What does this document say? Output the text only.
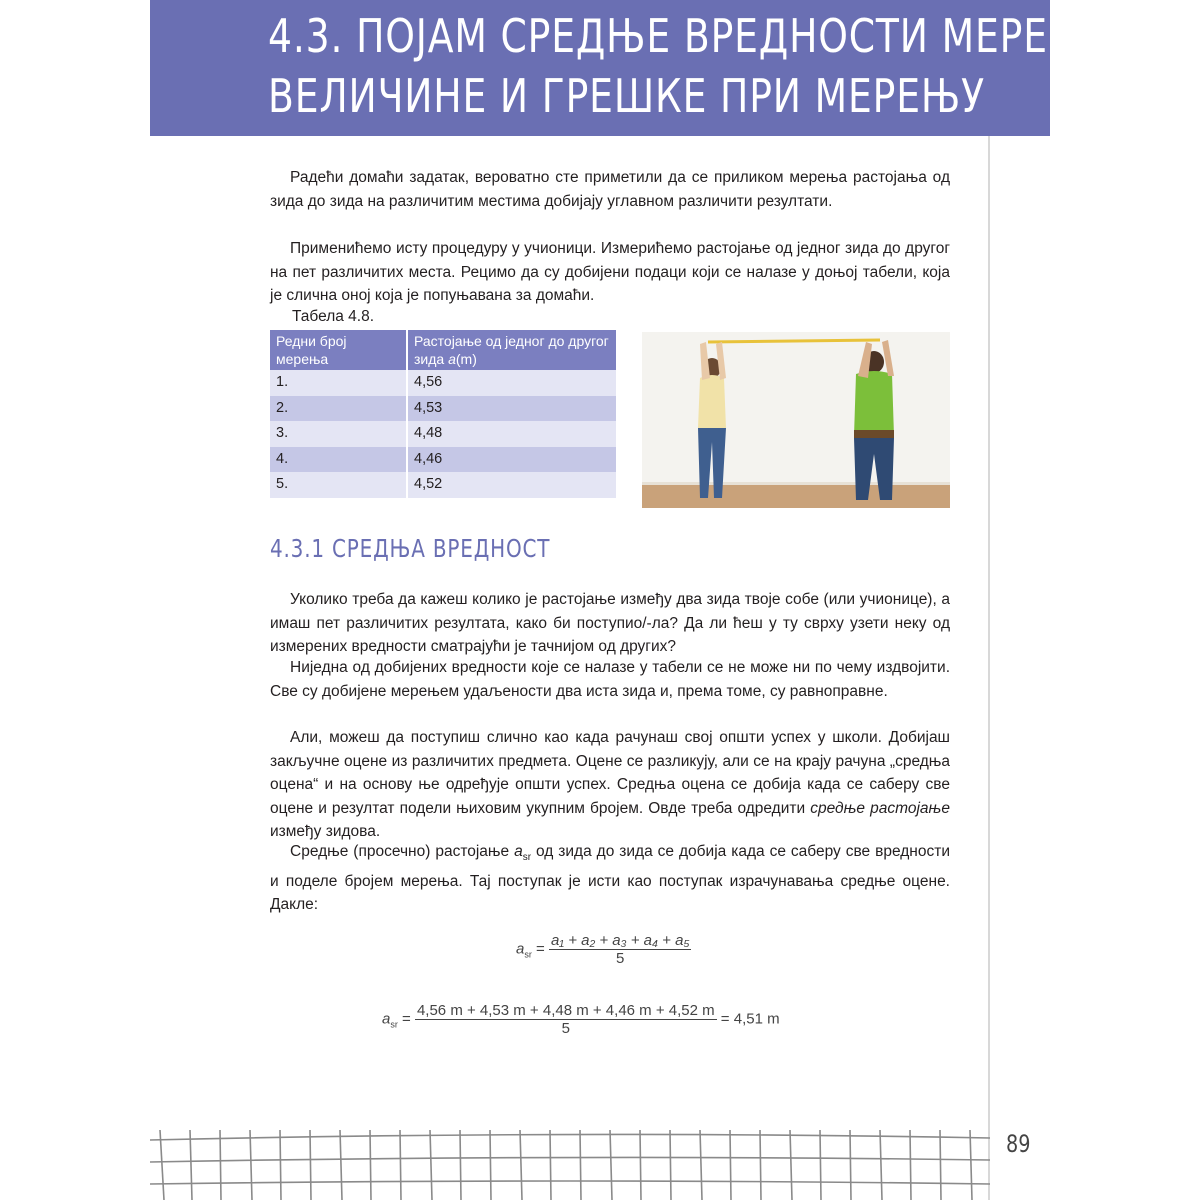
4.3. ПОЈАМ СРЕДЊЕ ВРЕДНОСТИ МЕРЕНЕ
ВЕЛИЧИНЕ И ГРЕШКЕ ПРИ МЕРЕЊУ

Радећи домаћи задатак, вероватно сте приметили да се приликом мерења растојања од зида до зида на различитим местима добијају углавном различити резултати.

Применићемо исту процедуру у учионици. Измерићемо растојање од једног зида до другог на пет различитих места. Рецимо да су добијени подаци који се налазе у доњој табели, која је слична оној која је попуњавана за домаћи.

Табела 4.8.

Редни број мерења	Растојање од једног до другог зида a(m)
1.	4,56
2.	4,53
3.	4,48
4.	4,46
5.	4,52
4.3.1 СРЕДЊА ВРЕДНОСТ

Уколико треба да кажеш колико је растојање између два зида твоје собе (или учионице), а имаш пет различитих резултата, како би поступио/-ла? Да ли ћеш у ту сврху узети неку од измерених вредности сматрајући је тачнијом од других?

Ниједна од добијених вредности које се налазе у табели се не може ни по чему издвојити. Све су добијене мерењем удаљености два иста зида и, према томе, су равноправне.

Али, можеш да поступиш слично као када рачунаш свој општи успех у школи. Добијаш закључне оцене из различитих предмета. Оцене се разликују, али се на крају рачуна „средња оцена“ и на основу ње одређује општи успех. Средња оцена се добија када се саберу све оцене и резултат подели њиховим укупним бројем. Овде треба одредити средње растојање између зидова.

Средње (просечно) растојање $a_{sr}$ од зида до зида се добија када се саберу све вредности и поделе бројем мерења. Тај поступак је исти као поступак израчунавања средње оцене. Дакле:

$a_{sr} = \frac{\text{a₁ + a₂ + a₃ + a₄ + a₅}}{5}$
$a_{sr} = \frac{4,56 m + 4,53 m + 4,48 m + 4,46 m + 4,52 m}{5} = 4,51$ m
89
